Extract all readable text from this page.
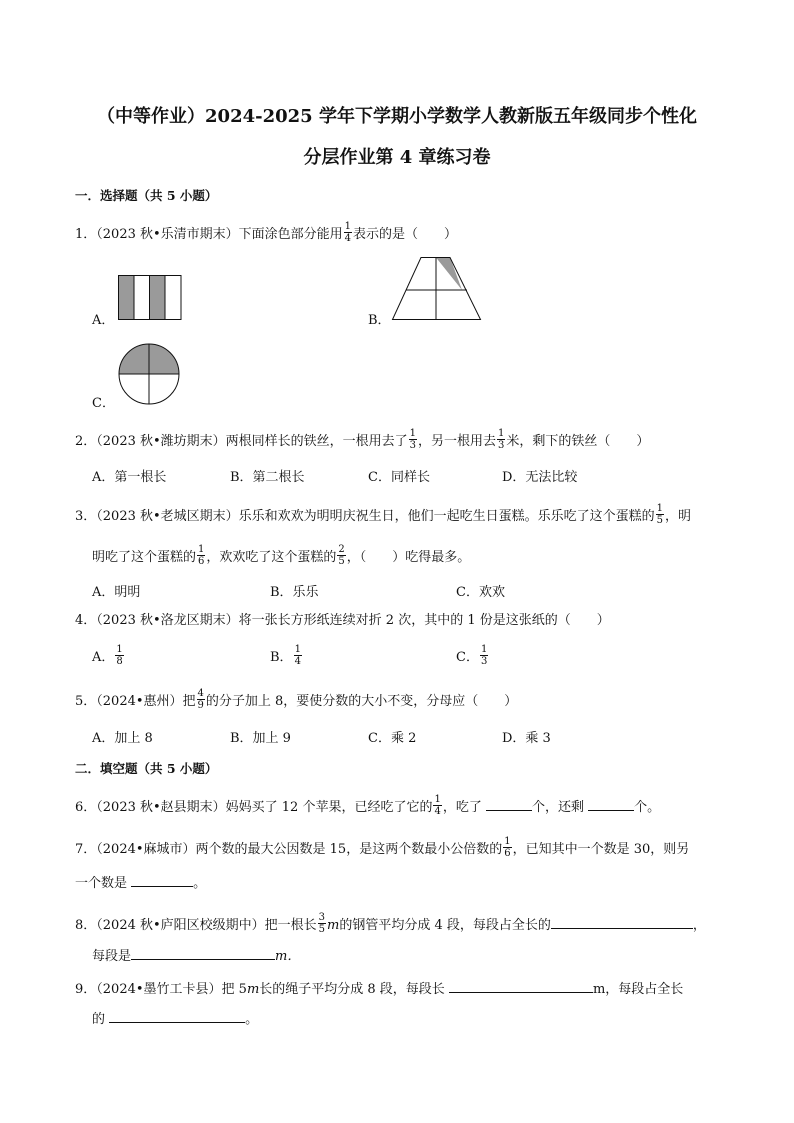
（中等作业）2024-2025 学年下学期小学数学人教新版五年级同步个性化
分层作业第 4 章练习卷
一．选择题（共 5 小题）
1．（2023 秋•乐清市期末）下面涂色部分能用 $\frac{1}{4}$ 表示的是（　　）
A．	B．
C．
2．（2023 秋•潍坊期末）两根同样长的铁丝，一根用去了 $\frac{1}{3}$ ，另一根用去 $\frac{1}{3}$ 米，剩下的铁丝（　　）
A．第一根长	B．第二根长	C．同样长	D．无法比较
3．（2023 秋•老城区期末）乐乐和欢欢为明明庆祝生日，他们一起吃生日蛋糕。乐乐吃了这个蛋糕的 $\frac{1}{5}$ ，明
明吃了这个蛋糕的 $\frac{1}{6}$ ，欢欢吃了这个蛋糕的 $\frac{2}{5}$ ，（　　）吃得最多。
A．明明	B．乐乐	C．欢欢
4．（2023 秋•洛龙区期末）将一张长方形纸连续对折 2 次，其中的 1 份是这张纸的（　　）
A． $\frac{1}{8}$	B． $\frac{1}{4}$	C． $\frac{1}{3}$
5．（2024•惠州）把 $\frac{4}{9}$ 的分子加上 8，要使分数的大小不变，分母应（　　）
A．加上 8	B．加上 9	C．乘 2	D．乘 3
二．填空题（共 5 小题）
6．（2023 秋•赵县期末）妈妈买了 12 个苹果，已经吃了它的 $\frac{1}{4}$ ，吃了	个，还剩	个。
7．（2024•麻城市）两个数的最大公因数是 15，是这两个数最小公倍数的 $\frac{1}{6}$ ，已知其中一个数是 30，则另
一个数是	。
8．（2024 秋•庐阳区校级期中）把一根长 $\frac{3}{5}$ m的钢管平均分成 4 段，每段占全长的	，
每段是	m．
9．（2024•墨竹工卡县）把 5m长的绳子平均分成 8 段，每段长	m，每段占全长
的	。
